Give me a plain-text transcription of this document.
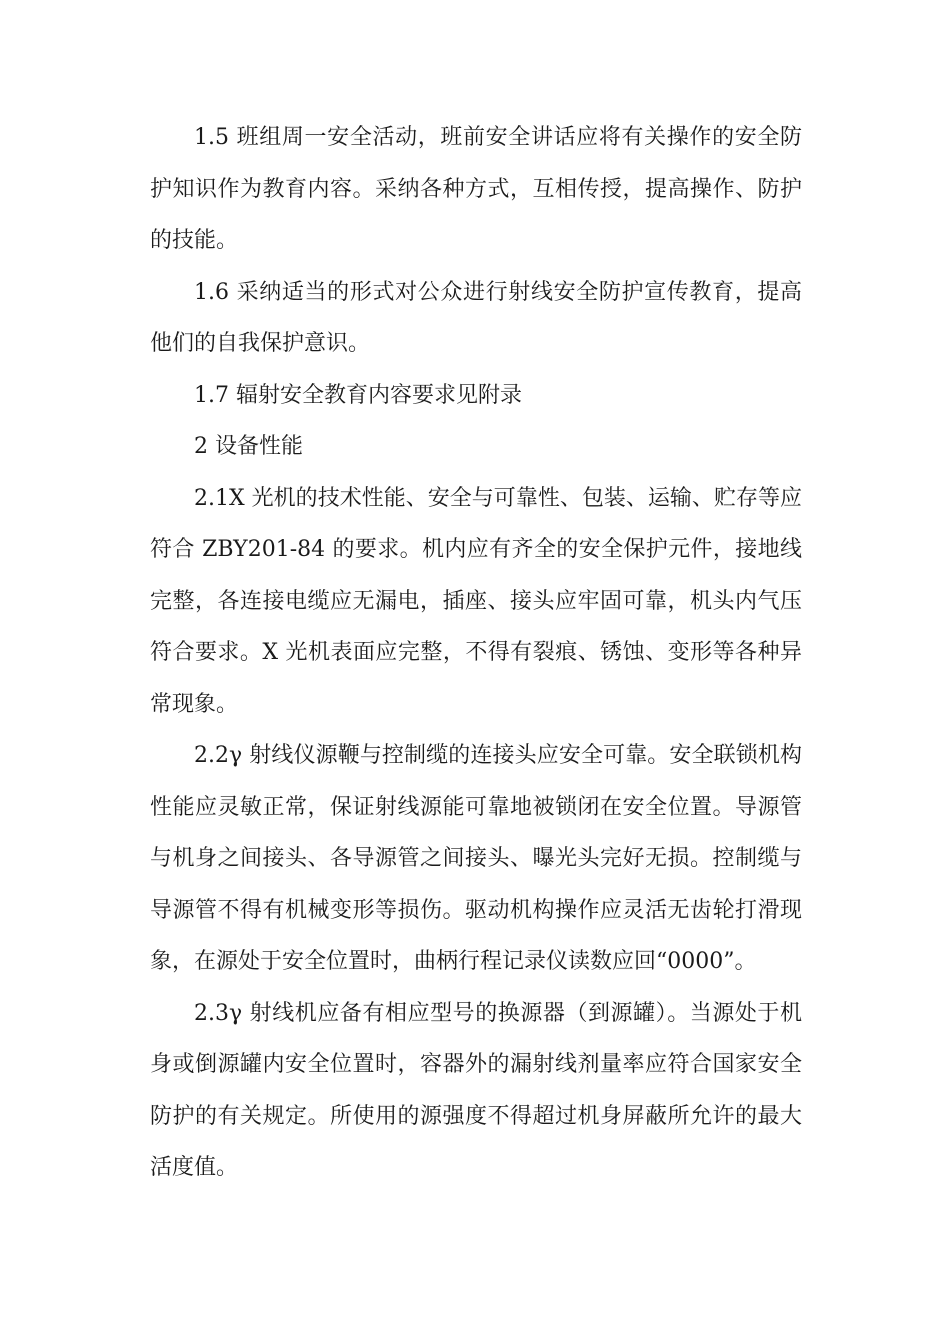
1.5 班组周一安全活动，班前安全讲话应将有关操作的安全防护知识作为教育内容。采纳各种方式，互相传授，提高操作、防护的技能。

1.6 采纳适当的形式对公众进行射线安全防护宣传教育，提高他们的自我保护意识。

1.7 辐射安全教育内容要求见附录

2 设备性能

2.1X 光机的技术性能、安全与可靠性、包装、运输、贮存等应符合 ZBY201-84 的要求。机内应有齐全的安全保护元件，接地线完整，各连接电缆应无漏电，插座、接头应牢固可靠，机头内气压符合要求。X 光机表面应完整，不得有裂痕、锈蚀、变形等各种异常现象。

2.2γ 射线仪源鞭与控制缆的连接头应安全可靠。安全联锁机构性能应灵敏正常，保证射线源能可靠地被锁闭在安全位置。导源管与机身之间接头、各导源管之间接头、曝光头完好无损。控制缆与导源管不得有机械变形等损伤。驱动机构操作应灵活无齿轮打滑现象，在源处于安全位置时，曲柄行程记录仪读数应回“0000”。

2.3γ 射线机应备有相应型号的换源器（到源罐）。当源处于机身或倒源罐内安全位置时，容器外的漏射线剂量率应符合国家安全防护的有关规定。所使用的源强度不得超过机身屏蔽所允许的最大活度值。
